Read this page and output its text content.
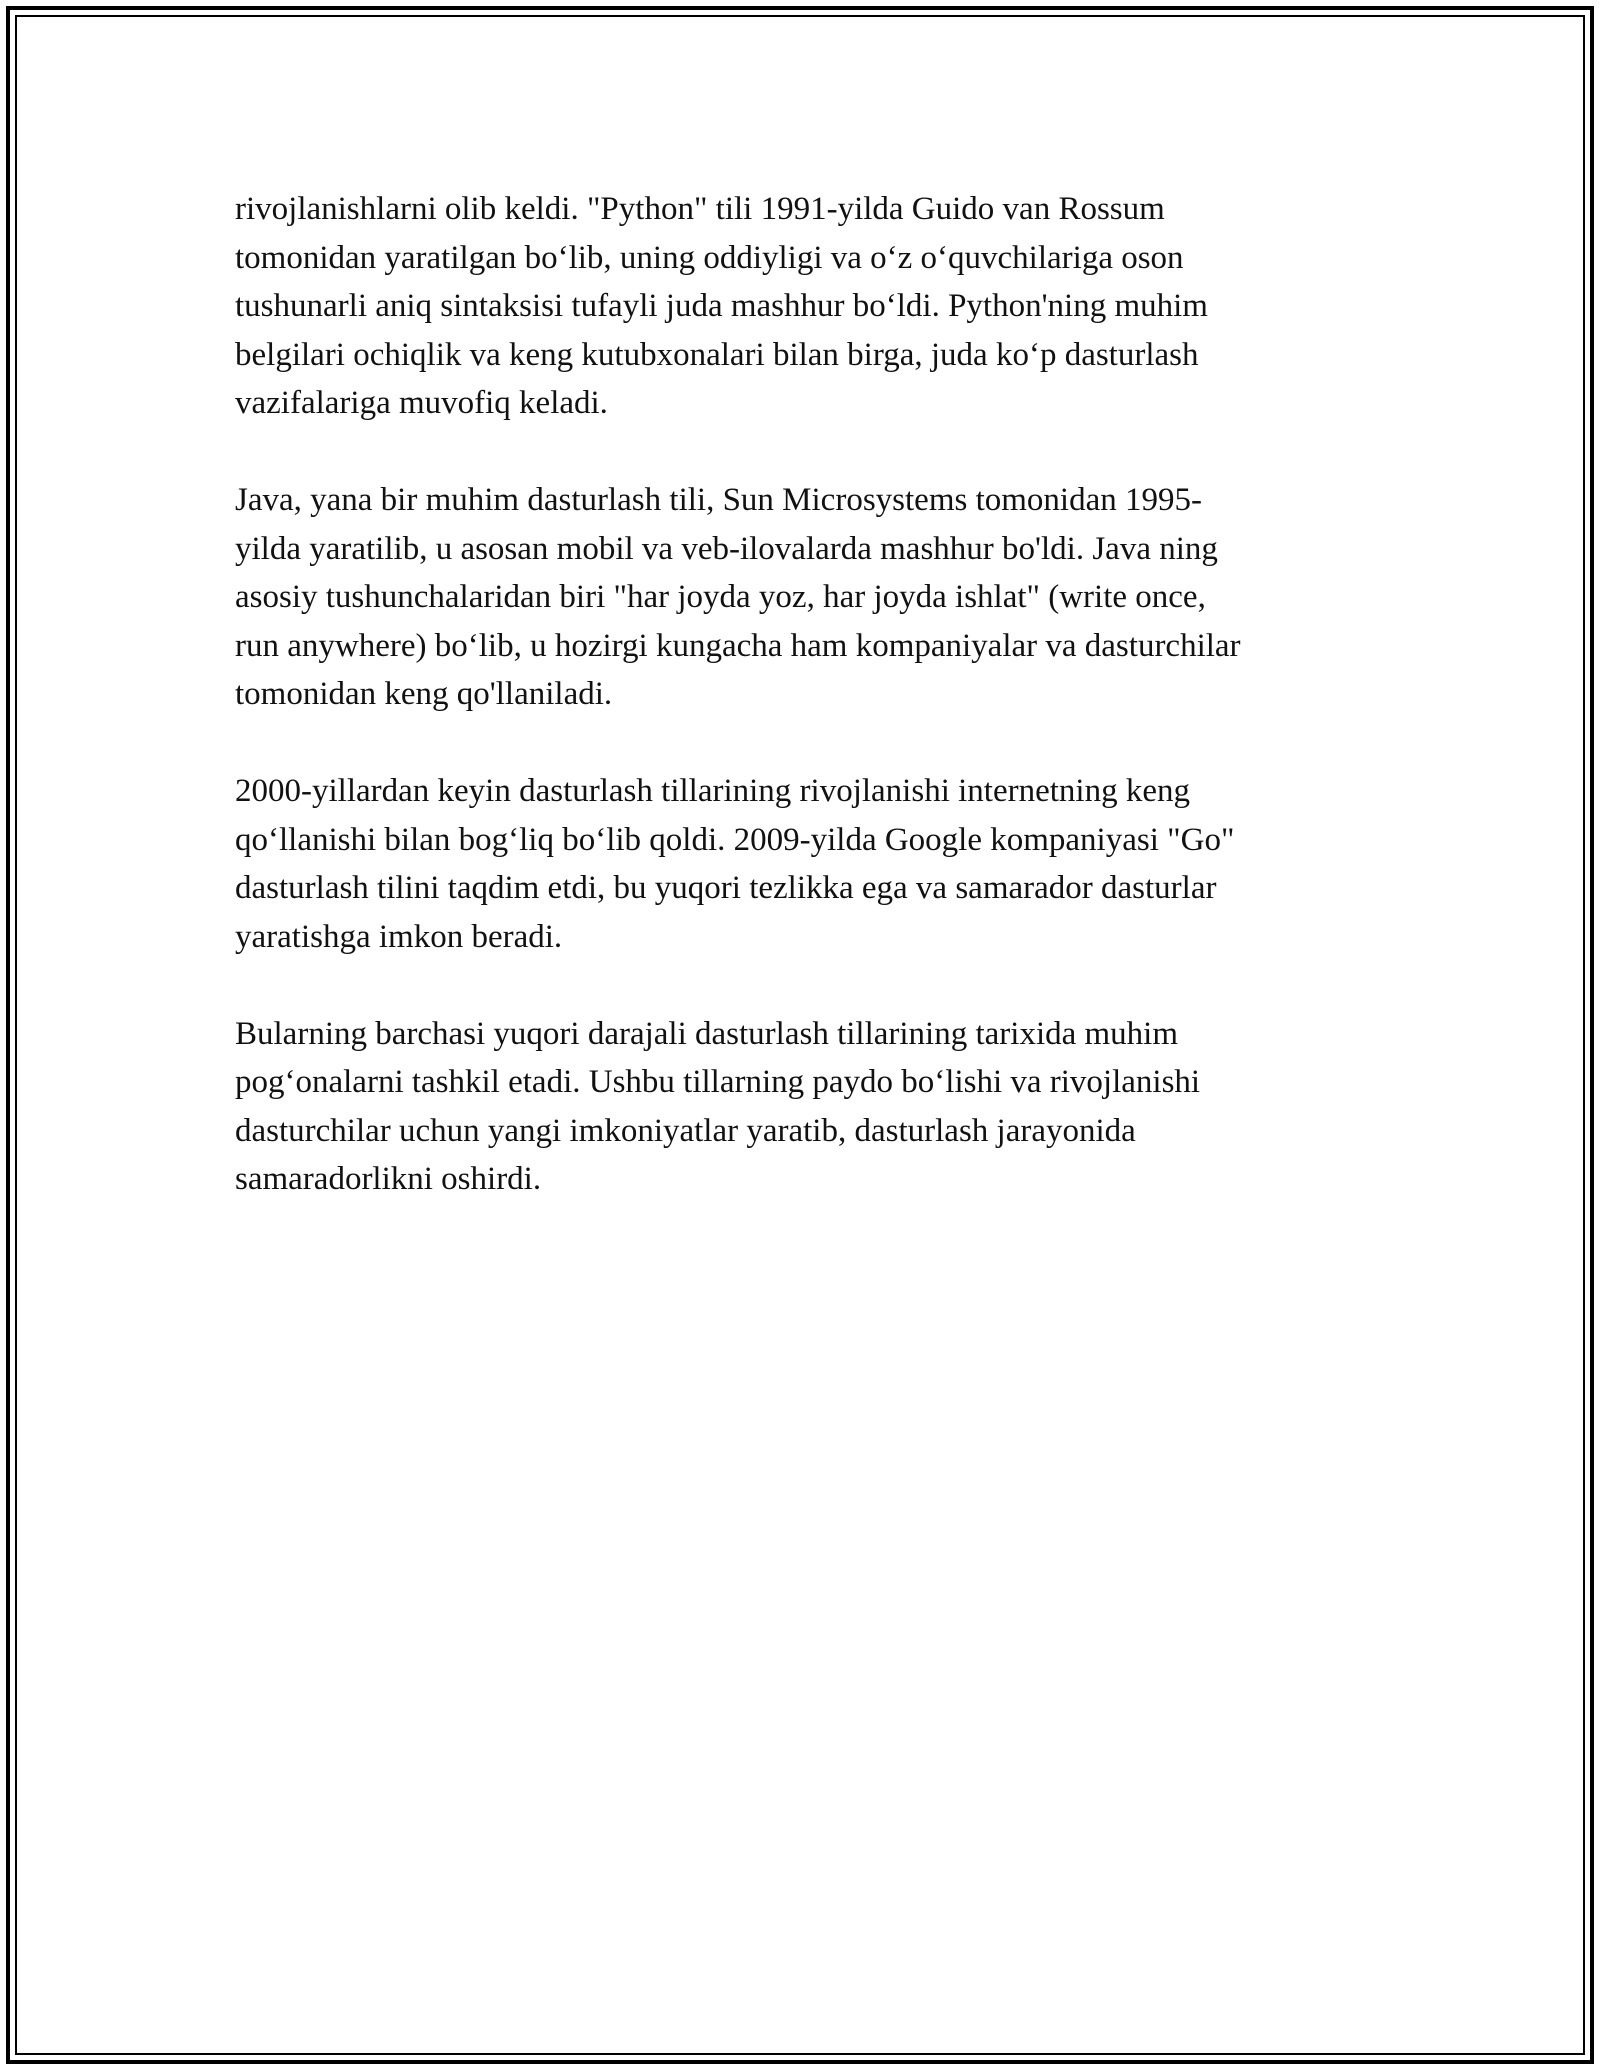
rivojlanishlarni olib keldi. "Python" tili 1991-yilda Guido van Rossum
tomonidan yaratilgan bo‘lib, uning oddiyligi va o‘z o‘quvchilariga oson
tushunarli aniq sintaksisi tufayli juda mashhur bo‘ldi. Python'ning muhim
belgilari ochiqlik va keng kutubxonalari bilan birga, juda ko‘p dasturlash
vazifalariga muvofiq keladi.

Java, yana bir muhim dasturlash tili, Sun Microsystems tomonidan 1995-
yilda yaratilib, u asosan mobil va veb-ilovalarda mashhur bo'ldi. Java ning
asosiy tushunchalaridan biri "har joyda yoz, har joyda ishlat" (write once,
run anywhere) bo‘lib, u hozirgi kungacha ham kompaniyalar va dasturchilar
tomonidan keng qo'llaniladi.

2000-yillardan keyin dasturlash tillarining rivojlanishi internetning keng
qo‘llanishi bilan bog‘liq bo‘lib qoldi. 2009-yilda Google kompaniyasi "Go"
dasturlash tilini taqdim etdi, bu yuqori tezlikka ega va samarador dasturlar
yaratishga imkon beradi.

Bularning barchasi yuqori darajali dasturlash tillarining tarixida muhim
pog‘onalarni tashkil etadi. Ushbu tillarning paydo bo‘lishi va rivojlanishi
dasturchilar uchun yangi imkoniyatlar yaratib, dasturlash jarayonida
samaradorlikni oshirdi.
